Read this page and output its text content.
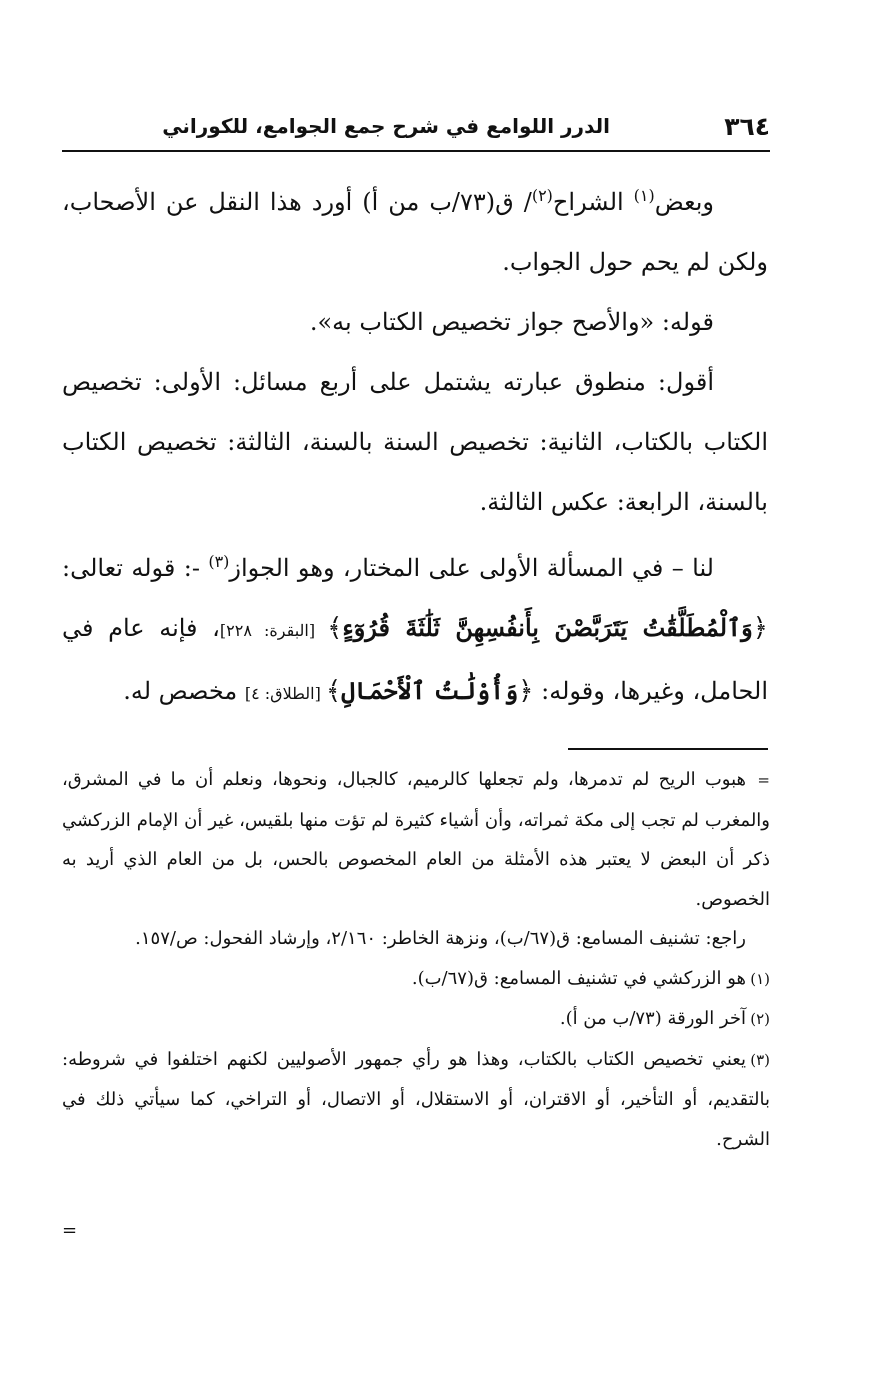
٣٦٤
الدرر اللوامع في شرح جمع الجوامع، للكوراني

وبعض$^{(١)}$ الشراح$^{(٢)}$/ ق(٧٣/ب من أ) أورد هذا النقل عن الأصحاب، ولكن لم يحم حول الجواب.

قوله: «والأصح جواز تخصيص الكتاب به».

أقول: منطوق عبارته يشتمل على أربع مسائل: الأولى: تخصيص الكتاب بالكتاب، الثانية: تخصيص السنة بالسنة، الثالثة: تخصيص الكتاب بالسنة، الرابعة: عكس الثالثة.

لنا – في المسألة الأولى على المختار، وهو الجواز$^{(٣)}$ -: قوله تعالى: ﴿وَٱلْمُطَلَّقَٰتُ يَتَرَبَّصْنَ بِأَنفُسِهِنَّ ثَلَٰثَةَ قُرُوٓءٍ﴾ [البقرة: ٢٢٨]، فإنه عام في الحامل، وغيرها، وقوله: ﴿وَأُوْلَٰتُ ٱلْأَحْمَالِ﴾ [الطلاق: ٤] مخصص له.

=هبوب الريح لم تدمرها، ولم تجعلها كالرميم، كالجبال، ونحوها، ونعلم أن ما في المشرق، والمغرب لم تجب إلى مكة ثمراته، وأن أشياء كثيرة لم تؤت منها بلقيس، غير أن الإمام الزركشي ذكر أن البعض لا يعتبر هذه الأمثلة من العام المخصوص بالحس، بل من العام الذي أريد به الخصوص.

راجع: تشنيف المسامع: ق(٦٧/ب)، ونزهة الخاطر: ٢/١٦٠، وإرشاد الفحول: ص/١٥٧.

(١)هو الزركشي في تشنيف المسامع: ق(٦٧/ب).

(٢)آخر الورقة (٧٣/ب من أ).

(٣)يعني تخصيص الكتاب بالكتاب، وهذا هو رأي جمهور الأصوليين لكنهم اختلفوا في شروطه: بالتقديم، أو التأخير، أو الاقتران، أو الاستقلال، أو الاتصال، أو التراخي، كما سيأتي ذلك في الشرح.

=
